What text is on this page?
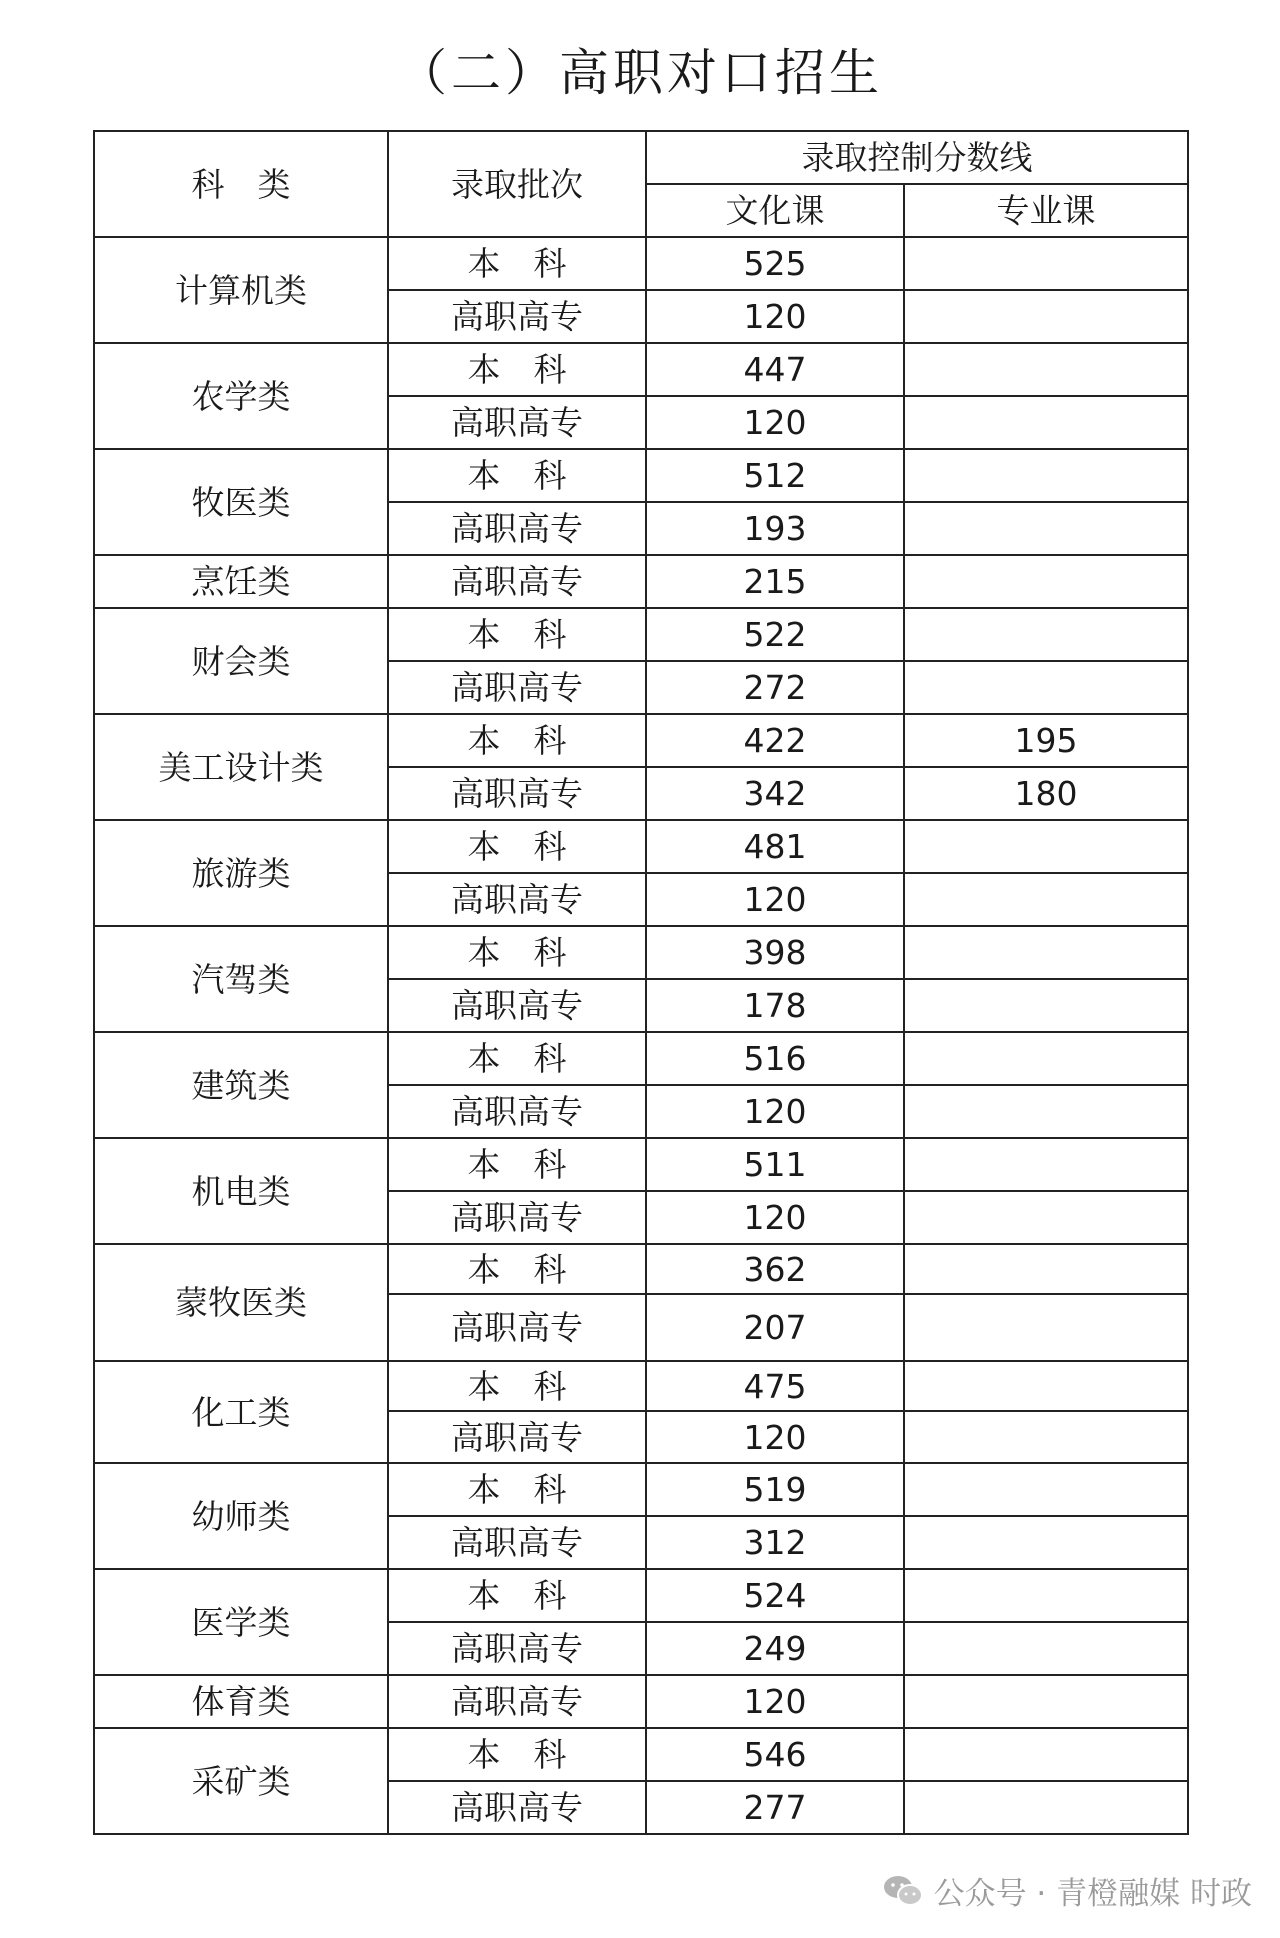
（二）高职对口招生
科　类	录取批次	录取控制分数线	
		文化课	专业课
计算机类	本　科	525	
	高职高专	120	
农学类	本　科	447	
	高职高专	120	
牧医类	本　科	512	
	高职高专	193	
烹饪类	高职高专	215	
财会类	本　科	522	
	高职高专	272	
美工设计类	本　科	422	195
	高职高专	342	180
旅游类	本　科	481	
	高职高专	120	
汽驾类	本　科	398	
	高职高专	178	
建筑类	本　科	516	
	高职高专	120	
机电类	本　科	511	
	高职高专	120	
蒙牧医类	本　科	362	
	高职高专	207	
化工类	本　科	475	
	高职高专	120	
幼师类	本　科	519	
	高职高专	312	
医学类	本　科	524	
	高职高专	249	
体育类	高职高专	120	
采矿类	本　科	546	
	高职高专	277	
公众号 · 青橙融媒 时政
